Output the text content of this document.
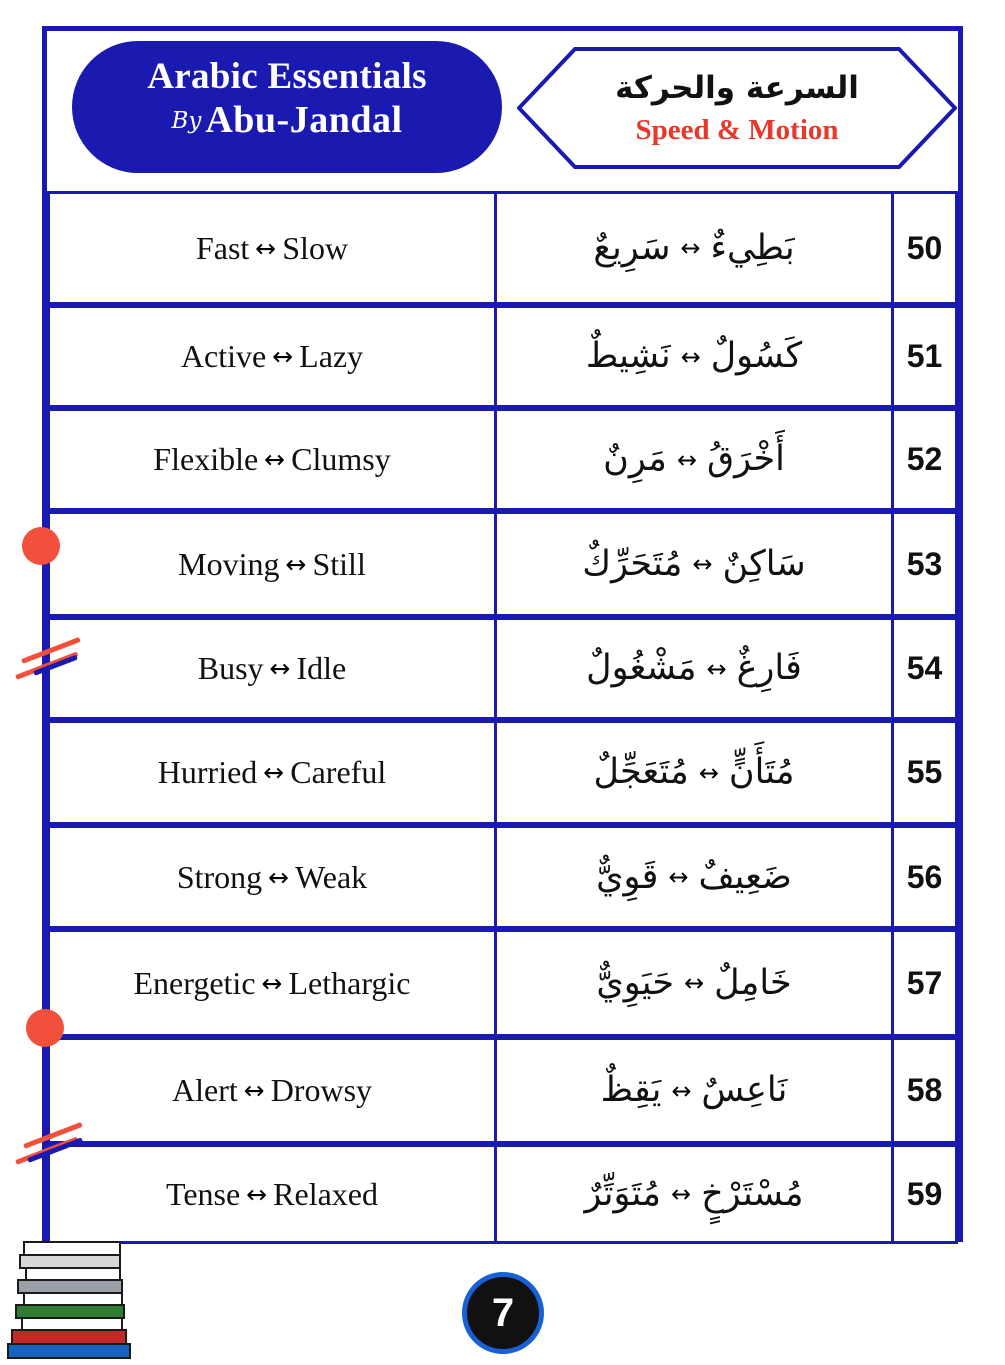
Arabic Essentials
By Abu-Jandal
السرعة والحركة
Speed & Motion
Fast ↔ Slow	سَرِيعٌ ↔ بَطِيءٌ	50
Active ↔ Lazy	نَشِيطٌ ↔ كَسُولٌ	51
Flexible ↔ Clumsy	مَرِنٌ ↔ أَخْرَقُ	52
Moving ↔ Still	مُتَحَرِّكٌ ↔ سَاكِنٌ	53
Busy ↔ Idle	مَشْغُولٌ ↔ فَارِغٌ	54
Hurried ↔ Careful	مُتَعَجِّلٌ ↔ مُتَأَنٍّ	55
Strong ↔ Weak	قَوِيٌّ ↔ ضَعِيفٌ	56
Energetic ↔ Lethargic	حَيَوِيٌّ ↔ خَامِلٌ	57
Alert ↔ Drowsy	يَقِظٌ ↔ نَاعِسٌ	58
Tense ↔ Relaxed	مُتَوَتِّرٌ ↔ مُسْتَرْخٍ	59
7
